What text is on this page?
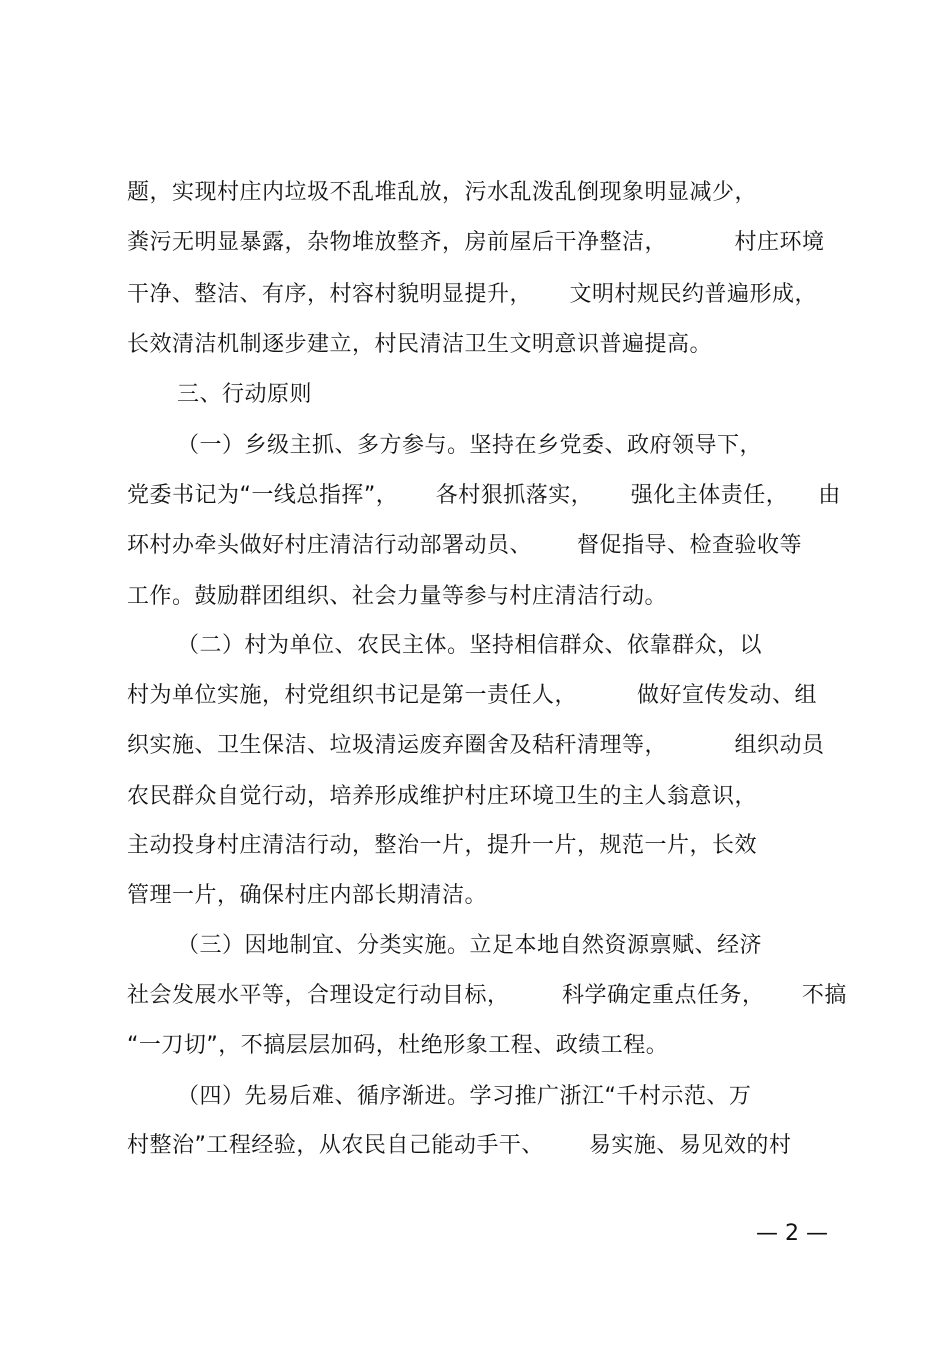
题，实现村庄内垃圾不乱堆乱放，污水乱泼乱倒现象明显减少，
粪污无明显暴露，杂物堆放整齐，房前屋后干净整洁，         村庄环境
干净、整洁、有序，村容村貌明显提升，     文明村规民约普遍形成，
长效清洁机制逐步建立，村民清洁卫生文明意识普遍提高。
三、行动原则
（一）乡级主抓、多方参与。坚持在乡党委、政府领导下，
党委书记为“一线总指挥”，     各村狠抓落实，     强化主体责任，    由
环村办牵头做好村庄清洁行动部署动员、      督促指导、检查验收等
工作。鼓励群团组织、社会力量等参与村庄清洁行动。
（二）村为单位、农民主体。坚持相信群众、依靠群众，以
村为单位实施，村党组织书记是第一责任人，        做好宣传发动、组
织实施、卫生保洁、垃圾清运废弃圈舍及秸秆清理等，         组织动员
农民群众自觉行动，培养形成维护村庄环境卫生的主人翁意识，
主动投身村庄清洁行动，整治一片，提升一片，规范一片，长效
管理一片，确保村庄内部长期清洁。
（三）因地制宜、分类实施。立足本地自然资源禀赋、经济
社会发展水平等，合理设定行动目标，       科学确定重点任务，     不搞
“一刀切”，不搞层层加码，杜绝形象工程、政绩工程。
（四）先易后难、循序渐进。学习推广浙江“千村示范、万
村整治”工程经验，从农民自己能动手干、      易实施、易见效的村
— 2 —
